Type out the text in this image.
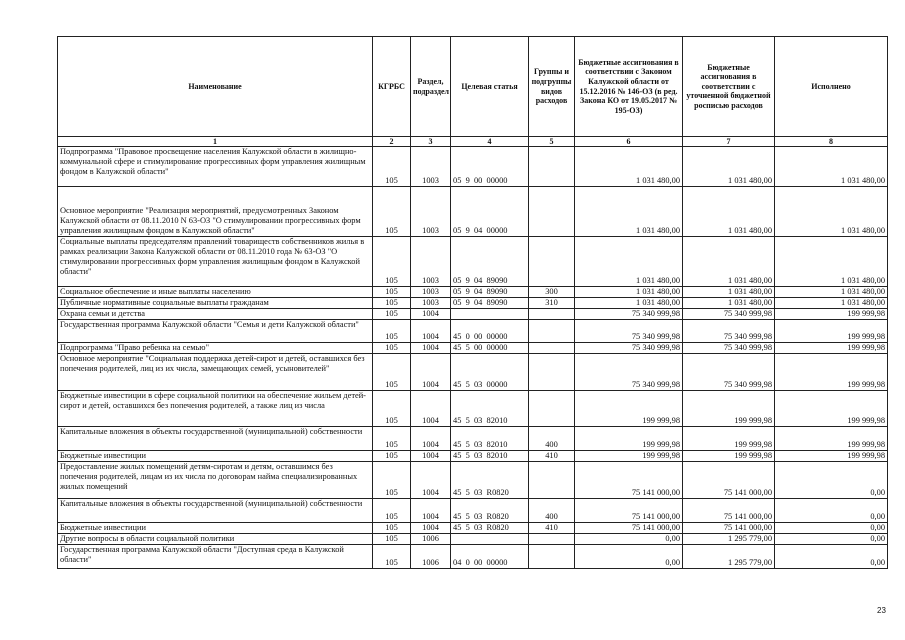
Наименование	КГРБС	Раздел, подраздел	Целевая статья	Группы и подгруппы видов расходов	Бюджетные ассигнования в соответствии с Законом Калужской области от 15.12.2016 № 146-ОЗ (в ред. Закона КО от 19.05.2017 № 195-ОЗ)	Бюджетные ассигнования в соответствии с уточненной бюджетной росписью расходов	Исполнено
1	2	3	4	5	6	7	8
Подпрограмма "Правовое просвещение населения Калужской области в жилищно-коммунальной сфере и стимулирование прогрессивных форм управления жилищным фондом в Калужской области"	105	1003	05  9  00  00000		1 031 480,00	1 031 480,00	1 031 480,00
Основное мероприятие "Реализация мероприятий, предусмотренных Законом Калужской области от 08.11.2010 N 63-ОЗ "О стимулировании прогрессивных форм управления жилищным фондом в Калужской области"	105	1003	05  9  04  00000		1 031 480,00	1 031 480,00	1 031 480,00
Социальные выплаты председателям правлений товариществ собственников жилья в рамках реализации Закона Калужской области от 08.11.2010 года № 63-ОЗ "О стимулировании прогрессивных форм управления жилищным фондом в Калужской области"	105	1003	05  9  04  89090		1 031 480,00	1 031 480,00	1 031 480,00
Социальное обеспечение и иные выплаты населению	105	1003	05  9  04  89090	300	1 031 480,00	1 031 480,00	1 031 480,00
Публичные нормативные социальные выплаты гражданам	105	1003	05  9  04  89090	310	1 031 480,00	1 031 480,00	1 031 480,00
Охрана семьи и детства	105	1004			75 340 999,98	75 340 999,98	199 999,98
Государственная программа Калужской области "Семья и дети Калужской области"	105	1004	45  0  00  00000		75 340 999,98	75 340 999,98	199 999,98
Подпрограмма "Право ребенка на семью"	105	1004	45  5  00  00000		75 340 999,98	75 340 999,98	199 999,98
Основное мероприятие "Социальная поддержка детей-сирот и детей, оставшихся без попечения родителей, лиц из их числа, замещающих семей, усыновителей"	105	1004	45  5  03  00000		75 340 999,98	75 340 999,98	199 999,98
Бюджетные инвестиции в сфере социальной политики на обеспечение жильем детей-сирот и детей, оставшихся без попечения родителей, а также лиц из числа	105	1004	45  5  03  82010		199 999,98	199 999,98	199 999,98
Капитальные вложения в объекты государственной (муниципальной) собственности	105	1004	45  5  03  82010	400	199 999,98	199 999,98	199 999,98
Бюджетные инвестиции	105	1004	45  5  03  82010	410	199 999,98	199 999,98	199 999,98
Предоставление жилых помещений детям-сиротам и детям, оставшимся без попечения родителей, лицам из их числа по договорам найма специализированных жилых помещений	105	1004	45  5  03  R0820		75 141 000,00	75 141 000,00	0,00
Капитальные вложения в объекты государственной (муниципальной) собственности	105	1004	45  5  03  R0820	400	75 141 000,00	75 141 000,00	0,00
Бюджетные инвестиции	105	1004	45  5  03  R0820	410	75 141 000,00	75 141 000,00	0,00
Другие вопросы в области социальной политики	105	1006			0,00	1 295 779,00	0,00
Государственная программа Калужской области "Доступная среда в Калужской области"	105	1006	04  0  00  00000		0,00	1 295 779,00	0,00
23
